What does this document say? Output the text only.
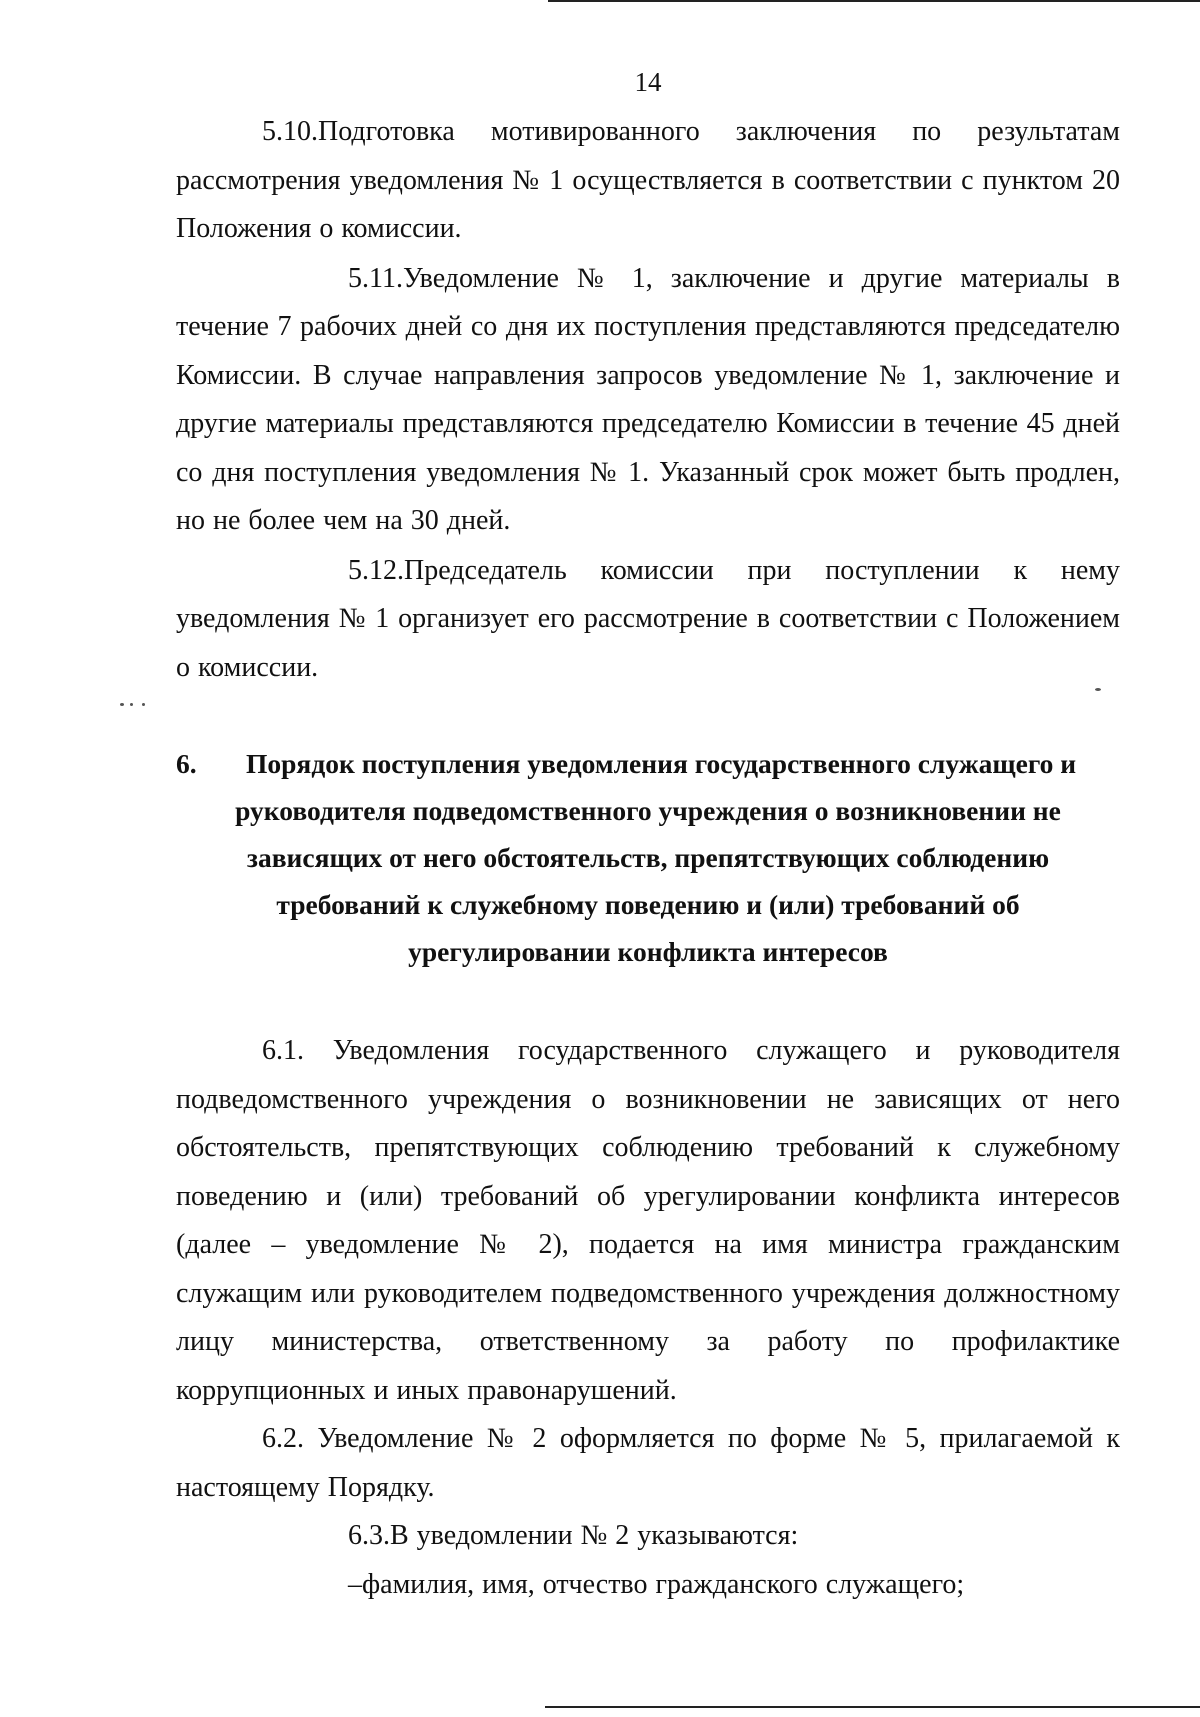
14

5.10.Подготовка мотивированного заключения по результатам рассмотрения уведомления № 1 осуществляется в соответствии с пунктом 20 Положения о комиссии.

5.11.Уведомление № 1, заключение и другие материалы в течение 7 рабочих дней со дня их поступления представляются председателю Комиссии. В случае направления запросов уведомление № 1, заключение и другие материалы представляются председателю Комиссии в течение 45 дней со дня поступления уведомления № 1. Указанный срок может быть продлен, но не более чем на 30 дней.

5.12.Председатель комиссии при поступлении к нему уведомления № 1 организует его рассмотрение в соответствии с Положением о комиссии.

6.	Порядок поступления уведомления государственного служащего и
руководителя подведомственного учреждения о возникновении не
зависящих от него обстоятельств, препятствующих соблюдению
требований к служебному поведению и (или) требований об
урегулировании конфликта интересов

6.1. Уведомления государственного служащего и руководителя подведомственного учреждения о возникновении не зависящих от него обстоятельств, препятствующих соблюдению требований к служебному поведению и (или) требований об урегулировании конфликта интересов (далее – уведомление № 2), подается на имя министра гражданским служащим или руководителем подведомственного учреждения должностному лицу министерства, ответственному за работу по профилактике коррупционных и иных правонарушений.

6.2. Уведомление № 2 оформляется по форме № 5, прилагаемой к настоящему Порядку.

6.3.В уведомлении № 2 указываются:

–фамилия, имя, отчество гражданского служащего;
